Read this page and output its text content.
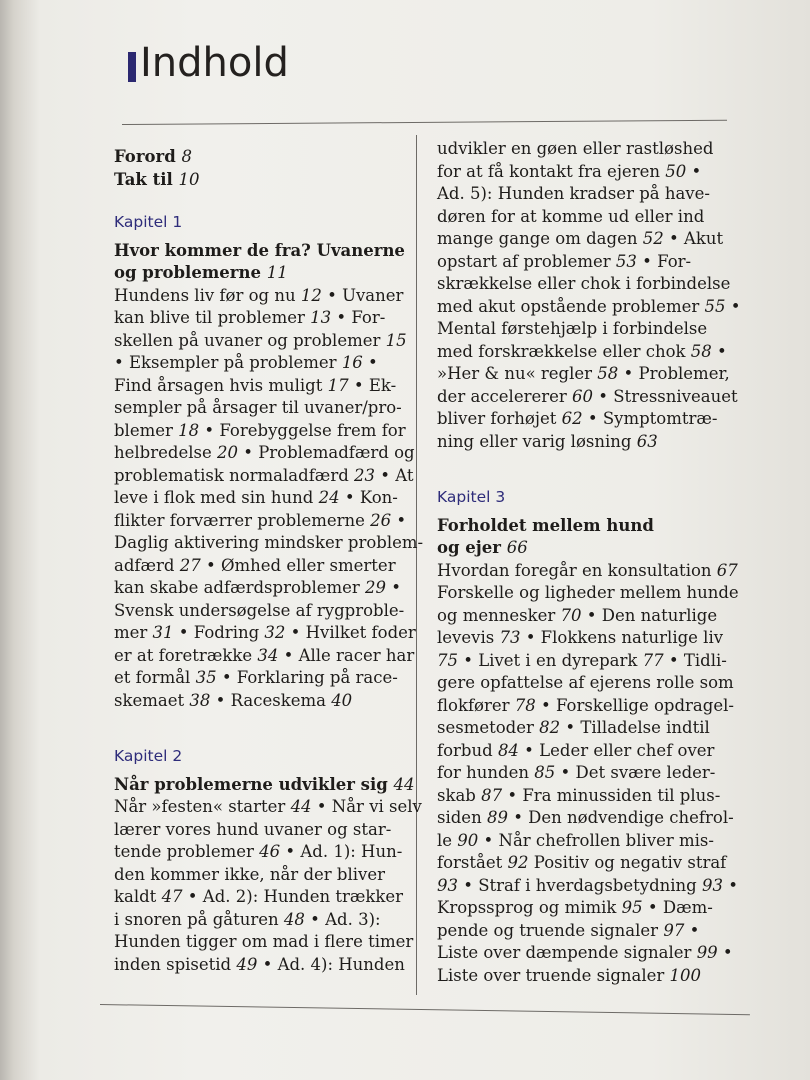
Indhold
Forord 8
Tak til 10
Kapitel 1
Hvor kommer de fra? Uvanerne
og problemerne 11
Hundens liv før og nu 12 • Uvaner
kan blive til problemer 13 • For-
skellen på uvaner og problemer 15
• Eksempler på problemer 16 •
Find årsagen hvis muligt 17 • Ek-
sempler på årsager til uvaner/pro-
blemer 18 • Forebyggelse frem for
helbredelse 20 • Problemadfærd og
problematisk normaladfærd 23 • At
leve i flok med sin hund 24 • Kon-
flikter forværrer problemerne 26 •
Daglig aktivering mindsker problem-
adfærd 27 • Ømhed eller smerter
kan skabe adfærdsproblemer 29 •
Svensk undersøgelse af rygproble-
mer 31 • Fodring 32 • Hvilket foder
er at foretrække 34 • Alle racer har
et formål 35 • Forklaring på race-
skemaet 38 • Raceskema 40
Kapitel 2
Når problemerne udvikler sig 44
Når »festen« starter 44 • Når vi selv
lærer vores hund uvaner og star-
tende problemer 46 • Ad. 1): Hun-
den kommer ikke, når der bliver
kaldt 47 • Ad. 2): Hunden trækker
i snoren på gåturen 48 • Ad. 3):
Hunden tigger om mad i flere timer
inden spisetid 49 • Ad. 4): Hunden
udvikler en gøen eller rastløshed
for at få kontakt fra ejeren 50 •
Ad. 5): Hunden kradser på have-
døren for at komme ud eller ind
mange gange om dagen 52 • Akut
opstart af problemer 53 • For-
skrækkelse eller chok i forbindelse
med akut opstående problemer 55 •
Mental førstehjælp i forbindelse
med forskrækkelse eller chok 58 •
»Her & nu« regler 58 • Problemer,
der accelererer 60 • Stressniveauet
bliver forhøjet 62 • Symptomtræ-
ning eller varig løsning 63
Kapitel 3
Forholdet mellem hund
og ejer 66
Hvordan foregår en konsultation 67
Forskelle og ligheder mellem hunde
og mennesker 70 • Den naturlige
levevis 73 • Flokkens naturlige liv
75 • Livet i en dyrepark 77 • Tidli-
gere opfattelse af ejerens rolle som
flokfører 78 • Forskellige opdragel-
sesmetoder 82 • Tilladelse indtil
forbud 84 • Leder eller chef over
for hunden 85 • Det svære leder-
skab 87 • Fra minussiden til plus-
siden 89 • Den nødvendige chefrol-
le 90 • Når chefrollen bliver mis-
forstået 92 Positiv og negativ straf
93 • Straf i hverdagsbetydning 93 •
Kropssprog og mimik 95 • Dæm-
pende og truende signaler 97 •
Liste over dæmpende signaler 99 •
Liste over truende signaler 100
